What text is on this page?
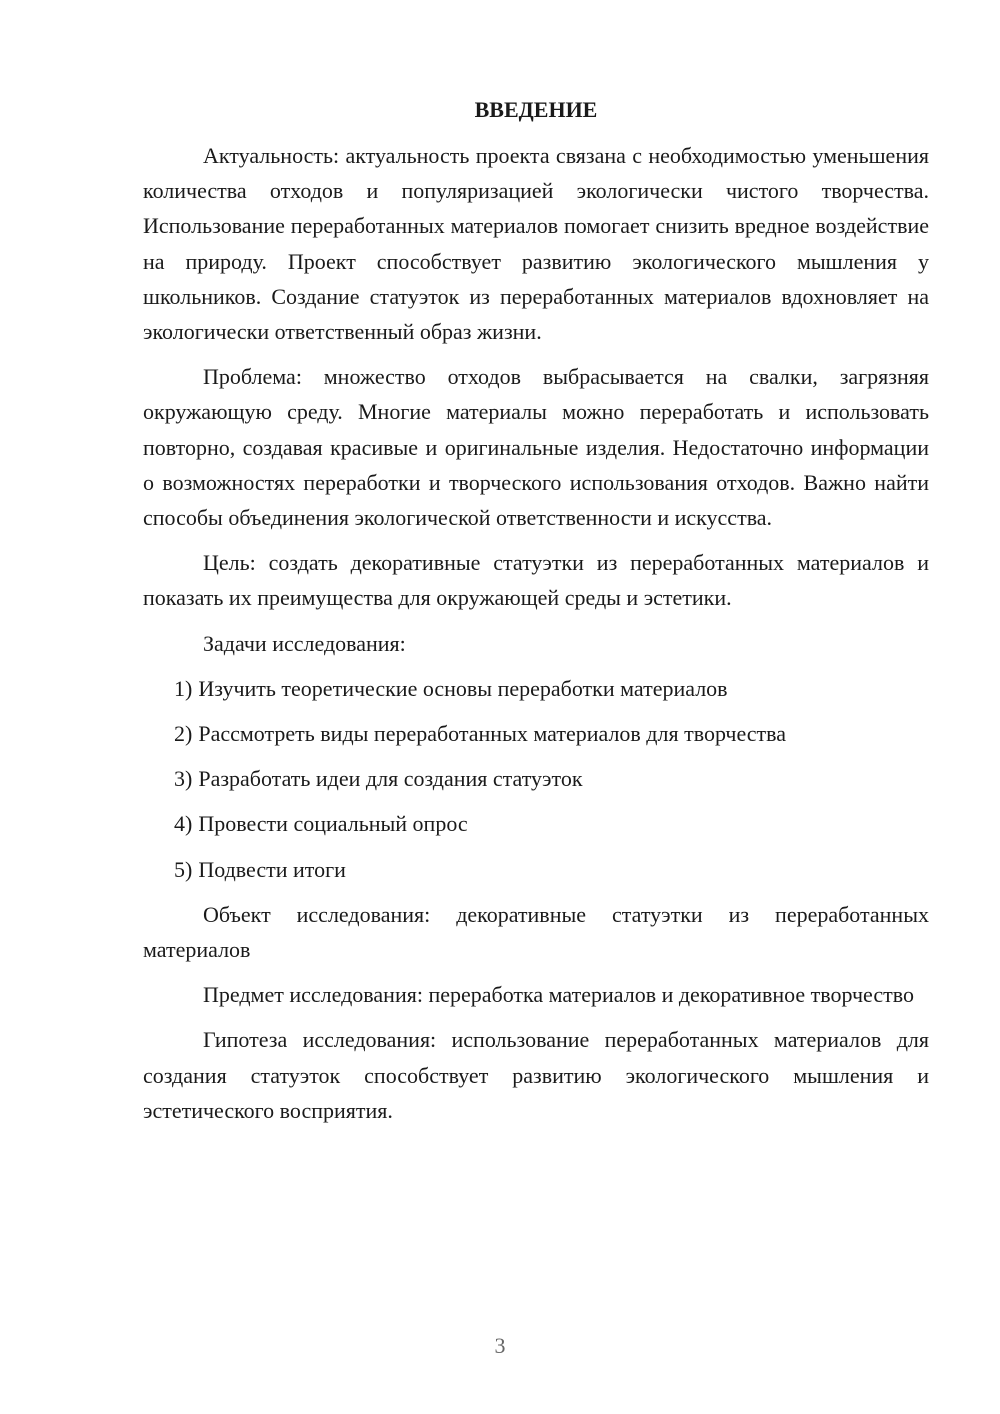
ВВЕДЕНИЕ

Актуальность: актуальность проекта связана с необходимостью уменьшения количества отходов и популяризацией экологически чистого творчества. Использование переработанных материалов помогает снизить вредное воздействие на природу. Проект способствует развитию экологического мышления у школьников. Создание статуэток из переработанных материалов вдохновляет на экологически ответственный образ жизни.

Проблема: множество отходов выбрасывается на свалки, загрязняя окружающую среду. Многие материалы можно переработать и использовать повторно, создавая красивые и оригинальные изделия. Недостаточно информации о возможностях переработки и творческого использования отходов. Важно найти способы объединения экологической ответственности и искусства.

Цель: создать декоративные статуэтки из переработанных материалов и показать их преимущества для окружающей среды и эстетики.

Задачи исследования:

1) Изучить теоретические основы переработки материалов
2) Рассмотреть виды переработанных материалов для творчества
3) Разработать идеи для создания статуэток
4) Провести социальный опрос
5) Подвести итоги

Объект исследования: декоративные статуэтки из переработанных материалов

Предмет исследования: переработка материалов и декоративное творчество

Гипотеза исследования: использование переработанных материалов для создания статуэток способствует развитию экологического мышления и эстетического восприятия.

3
